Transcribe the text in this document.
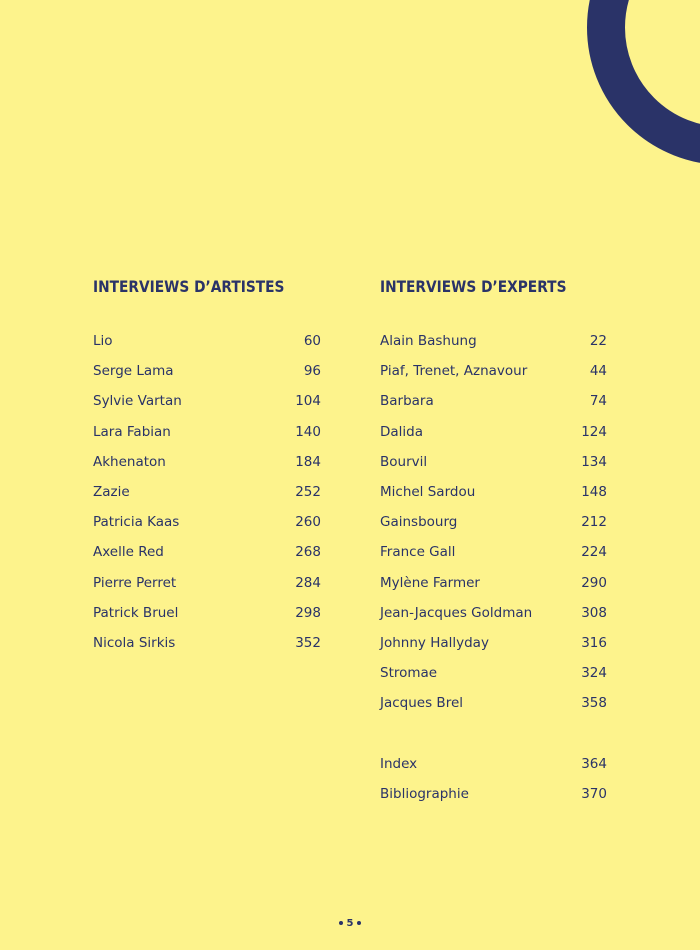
INTERVIEWS D’ARTISTES
Lio	60
Serge Lama	96
Sylvie Vartan	104
Lara Fabian	140
Akhenaton	184
Zazie	252
Patricia Kaas	260
Axelle Red	268
Pierre Perret	284
Patrick Bruel	298
Nicola Sirkis	352
INTERVIEWS D’EXPERTS
Alain Bashung	22
Piaf, Trenet, Aznavour	44
Barbara	74
Dalida	124
Bourvil	134
Michel Sardou	148
Gainsbourg	212
France Gall	224
Mylène Farmer	290
Jean-Jacques Goldman	308
Johnny Hallyday	316
Stromae	324
Jacques Brel	358
Index	364
Bibliographie	370
5
